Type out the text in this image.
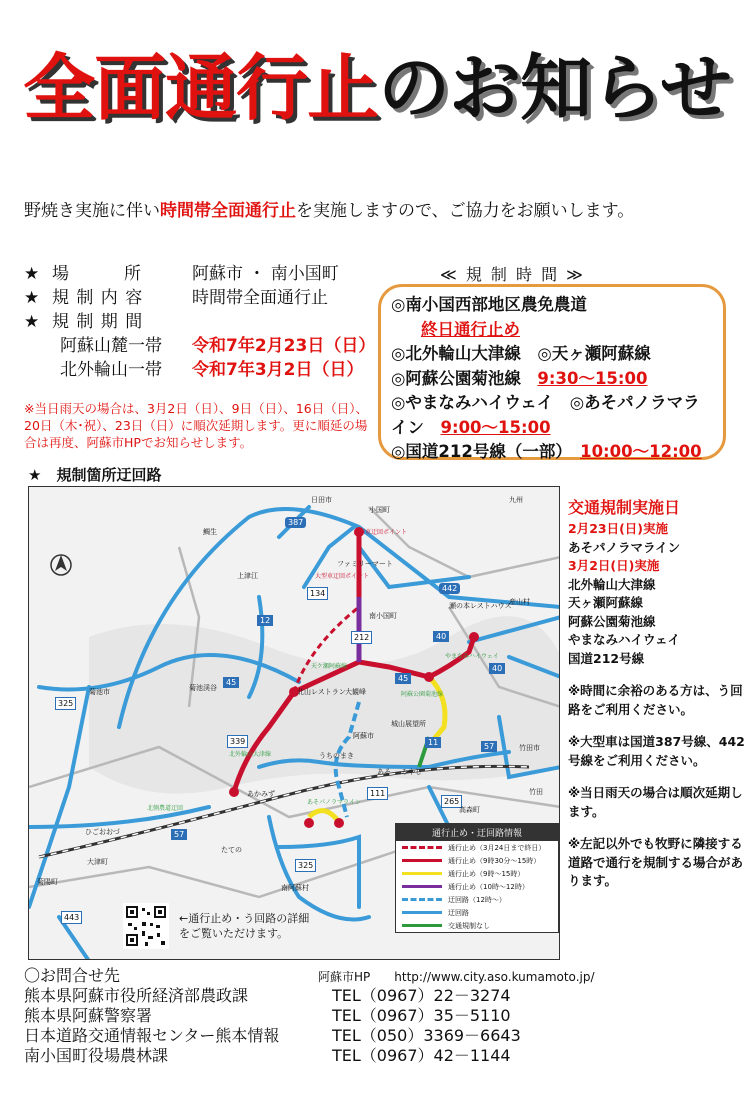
全面通行止のお知らせ
野焼き実施に伴い時間帯全面通行止を実施しますので、ご協力をお願いします。
★ 場　　　所	阿蘇市 ・ 南小国町
★ 規 制 内 容	時間帯全面通行止
★ 規 制 期 間
阿蘇山麓一帯	令和7年2月23日（日）
北外輪山一帯	令和7年3月2日（日）
※当日雨天の場合は、3月2日（日）、9日（日）、16日（日）、20日（木･祝）、23日（日）に順次延期します。更に順延の場合は再度、阿蘇市HPでお知らせします。
≪ 規 制 時 間 ≫
◎南小国西部地区農免農道
終日通行止め
◎北外輪山大津線　◎天ヶ瀬阿蘇線
◎阿蘇公園菊池線　 9:30～15:00
◎やまなみハイウェイ　◎あそパノラマラ
イン　 9:00～15:00
◎国道212号線（一部）　 10:00～12:00
★　規制箇所迂回路
387
442
12
40
40
212
45	45
339	11	57
57
111
265
325
325
443
134
日田市
小国町
南小国町
ファミリーマート
北山レストラン 大観峰
菊池渓谷
阿蘇市
うちのまき
あそ みやじ
あかみず
ひごおおづ
たての
大津町
菊陽町
瀬の本レストハウス
城山展望所
南阿蘇村
高森町
竹田市
九州
上津江
鯛生
菊池市
竹田
産山村
大型車迂回ポイント
大型車迂回ポイント
天ケ瀬阿蘇線
阿蘇公園菊池線
北外輪山大津線
やまなみハイウェイ
あそパノラマライン
北側農道迂回
←通行止め・う回路の詳細
をご覧いただけます。
通行止め・迂回路情報
通行止め（3月24日まで終日）
通行止め（9時30分～15時）
通行止め（9時～15時）
通行止め（10時～12時）
迂回路（12時～）
迂回路
交通規制なし
交通規制実施日
2月23日(日)実施
あそパノラマライン
3月2日(日)実施
北外輪山大津線
天ヶ瀬阿蘇線
阿蘇公園菊池線
やまなみハイウェイ
国道212号線
※時間に余裕のある方は、う回路をご利用ください。
※大型車は国道387号線、442号線をご利用ください。
※当日雨天の場合は順次延期します。
※左記以外でも牧野に隣接する道路で通行を規制する場合があります。
〇お問合せ先
熊本県阿蘇市役所経済部農政課	TEL（0967）22－3274
熊本県阿蘇警察署	TEL（0967）35－5110
日本道路交通情報センター熊本情報	TEL（050）3369－6643
南小国町役場農林課	TEL（0967）42－1144
阿蘇市HP　　 http://www.city.aso.kumamoto.jp/
